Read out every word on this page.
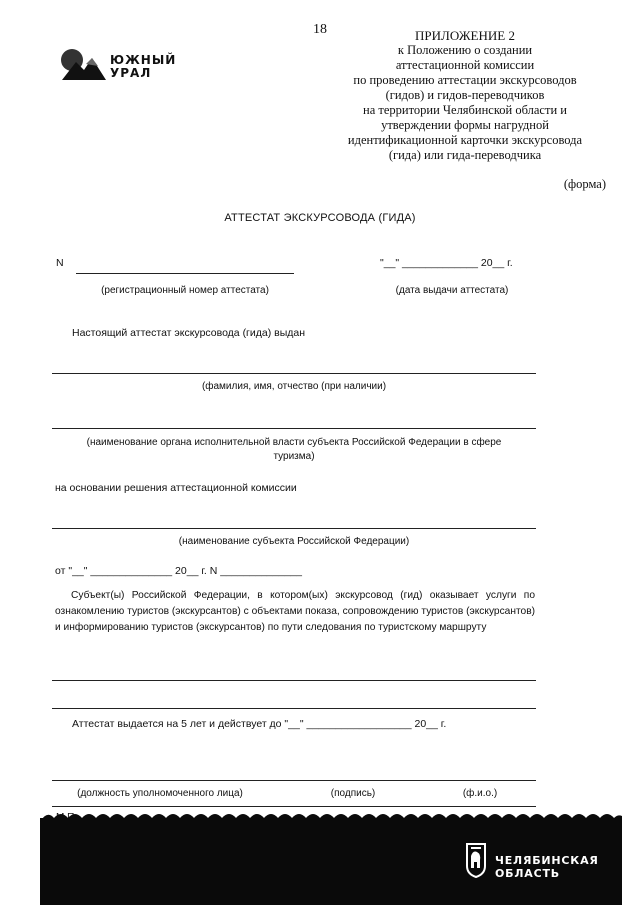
18
ЮЖНЫЙ
УРАЛ
ПРИЛОЖЕНИЕ 2
к Положению о создании
аттестационной комиссии
по проведению аттестации экскурсоводов
(гидов) и гидов-переводчиков
на территории Челябинской области и
утверждении формы нагрудной
идентификационной карточки экскурсовода
(гида) или гида-переводчика
(форма)
АТТЕСТАТ ЭКСКУРСОВОДА (ГИДА)
N	"__" _____________ 20__ г.
(регистрационный номер аттестата)	(дата выдачи аттестата)
Настоящий аттестат экскурсовода (гида) выдан
(фамилия, имя, отчество (при наличии)
(наименование органа исполнительной власти субъекта Российской Федерации в сфере
туризма)
на основании решения аттестационной комиссии
(наименование субъекта Российской Федерации)
от "__" ______________ 20__ г. N ______________
Субъект(ы) Российской Федерации, в котором(ых) экскурсовод (гид) оказывает услуги по ознакомлению туристов (экскурсантов) с объектами показа, сопровождению туристов (экскурсантов) и информированию туристов (экскурсантов) по пути следования по туристскому маршруту
Аттестат выдается на 5 лет и действует до "__" __________________ 20__ г.
(должность уполномоченного лица)	(подпись)	(ф.и.о.)
ЧЕЛЯБИНСКАЯ
ОБЛАСТЬ
